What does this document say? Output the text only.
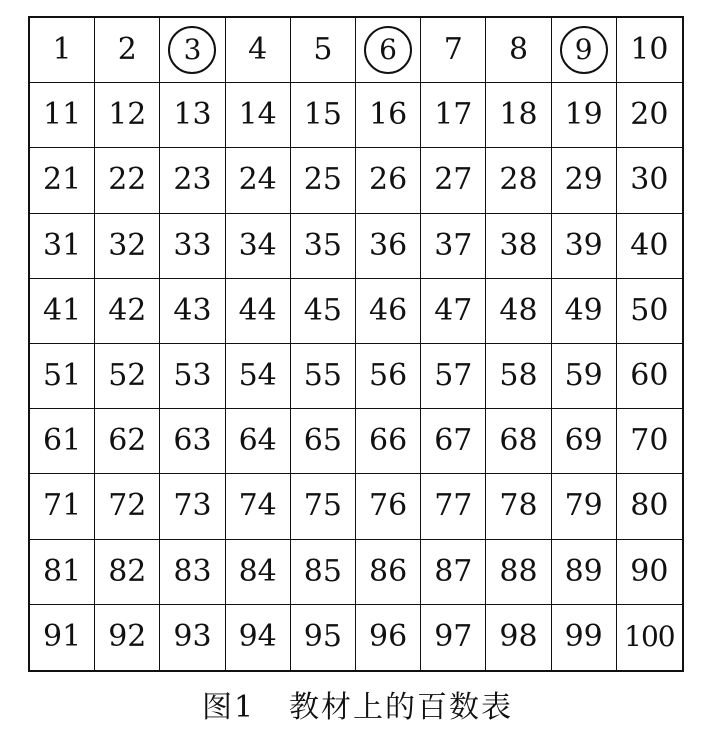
1 2	3	4 5	6	7 8	9	10
11 12 13 14 15 16 17 18 19 20
21 22 23 24 25 26 27 28 29 30
31 32 33 34 35 36 37 38 39 40
41 42 43 44 45 46 47 48 49 50
51 52 53 54 55 56 57 58 59 60
61 62 63 64 65 66 67 68 69 70
71 72 73 74 75 76 77 78 79 80
81 82 83 84 85 86 87 88 89 90
91 92 93 94 95 96 97 98 99 100
图1 教材上的百数表
